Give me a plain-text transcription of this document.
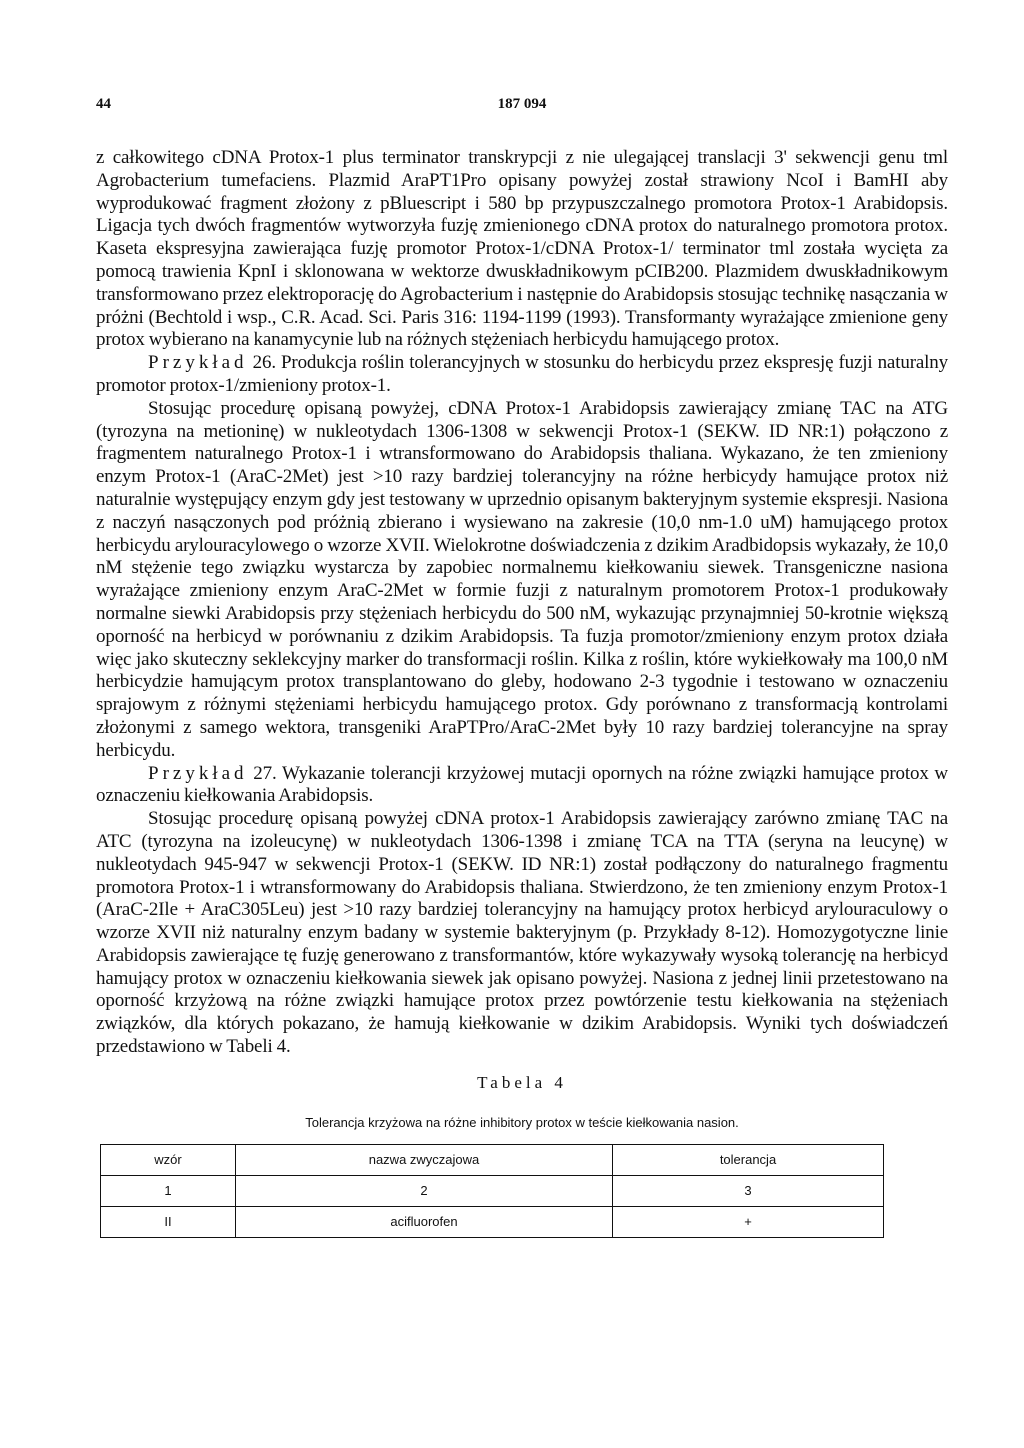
44	187 094

z całkowitego cDNA Protox-1 plus terminator transkrypcji z nie ulegającej translacji 3' sekwencji genu tml Agrobacterium tumefaciens. Plazmid AraPT1Pro opisany powyżej został strawiony NcoI i BamHI aby wyprodukować fragment złożony z pBluescript i 580 bp przypuszczalnego promotora Protox-1 Arabidopsis. Ligacja tych dwóch fragmentów wytworzyła fuzję zmienionego cDNA protox do naturalnego promotora protox. Kaseta ekspresyjna zawierająca fuzję promotor Protox-1/cDNA Protox-1/ terminator tml została wycięta za pomocą trawienia KpnI i sklonowana w wektorze dwuskładnikowym pCIB200. Plazmidem dwuskładnikowym transformowano przez elektroporację do Agrobacterium i następnie do Arabidopsis stosując technikę nasączania w próżni (Bechtold i wsp., C.R. Acad. Sci. Paris 316: 1194-1199 (1993). Transformanty wyrażające zmienione geny protox wybierano na kanamycynie lub na różnych stężeniach herbicydu hamującego protox.

Przykład 26. Produkcja roślin tolerancyjnych w stosunku do herbicydu przez ekspresję fuzji naturalny promotor protox-1/zmieniony protox-1.

Stosując procedurę opisaną powyżej, cDNA Protox-1 Arabidopsis zawierający zmianę TAC na ATG (tyrozyna na metioninę) w nukleotydach 1306-1308 w sekwencji Protox-1 (SEKW. ID NR:1) połączono z fragmentem naturalnego Protox-1 i wtransformowano do Arabidopsis thaliana. Wykazano, że ten zmieniony enzym Protox-1 (AraC-2Met) jest >10 razy bardziej tolerancyjny na różne herbicydy hamujące protox niż naturalnie występujący enzym gdy jest testowany w uprzednio opisanym bakteryjnym systemie ekspresji. Nasiona z naczyń nasączonych pod próżnią zbierano i wysiewano na zakresie (10,0 nm-1.0 uM) hamującego protox herbicydu arylouracylowego o wzorze XVII. Wielokrotne doświadczenia z dzikim Aradbidopsis wykazały, że 10,0 nM stężenie tego związku wystarcza by zapobiec normalnemu kiełkowaniu siewek. Transgeniczne nasiona wyrażające zmieniony enzym AraC-2Met w formie fuzji z naturalnym promotorem Protox-1 produkowały normalne siewki Arabidopsis przy stężeniach herbicydu do 500 nM, wykazując przynajmniej 50-krotnie większą oporność na herbicyd w porównaniu z dzikim Arabidopsis. Ta fuzja promotor/zmieniony enzym protox działa więc jako skuteczny seklekcyjny marker do transformacji roślin. Kilka z roślin, które wykiełkowały ma 100,0 nM herbicydzie hamującym protox transplantowano do gleby, hodowano 2-3 tygodnie i testowano w oznaczeniu sprajowym z różnymi stężeniami herbicydu hamującego protox. Gdy porównano z transformacją kontrolami złożonymi z samego wektora, transgeniki AraPTPro/AraC-2Met były 10 razy bardziej tolerancyjne na spray herbicydu.

Przykład 27. Wykazanie tolerancji krzyżowej mutacji opornych na różne związki hamujące protox w oznaczeniu kiełkowania Arabidopsis.

Stosując procedurę opisaną powyżej cDNA protox-1 Arabidopsis zawierający zarówno zmianę TAC na ATC (tyrozyna na izoleucynę) w nukleotydach 1306-1398 i zmianę TCA na TTA (seryna na leucynę) w nukleotydach 945-947 w sekwencji Protox-1 (SEKW. ID NR:1) został podłączony do naturalnego fragmentu promotora Protox-1 i wtransformowany do Arabidopsis thaliana. Stwierdzono, że ten zmieniony enzym Protox-1 (AraC-2Ile + AraC305Leu) jest >10 razy bardziej tolerancyjny na hamujący protox herbicyd arylouraculowy o wzorze XVII niż naturalny enzym badany w systemie bakteryjnym (p. Przykłady 8-12). Homozygotyczne linie Arabidopsis zawierające tę fuzję generowano z transformantów, które wykazywały wysoką tolerancję na herbicyd hamujący protox w oznaczeniu kiełkowania siewek jak opisano powyżej. Nasiona z jednej linii przetestowano na oporność krzyżową na różne związki hamujące protox przez powtórzenie testu kiełkowania na stężeniach związków, dla których pokazano, że hamują kiełkowanie w dzikim Arabidopsis. Wyniki tych doświadczeń przedstawiono w Tabeli 4.

Tabela 4
Tolerancja krzyżowa na różne inhibitory protox w teście kiełkowania nasion.
wzór	nazwa zwyczajowa	tolerancja
1	2	3
II	acifluorofen	+
